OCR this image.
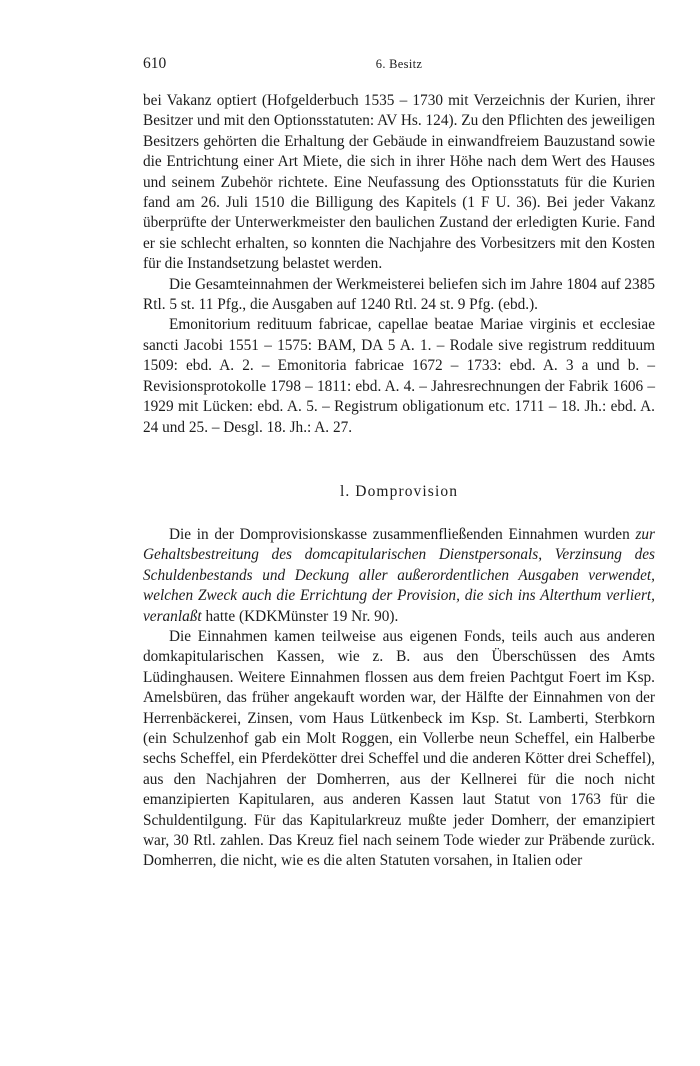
610	6. Besitz

bei Vakanz optiert (Hofgelderbuch 1535 – 1730 mit Verzeichnis der Kurien, ihrer Besitzer und mit den Optionsstatuten: AV Hs. 124). Zu den Pflichten des jeweiligen Besitzers gehörten die Erhaltung der Gebäude in einwandfreiem Bauzustand sowie die Entrichtung einer Art Miete, die sich in ihrer Höhe nach dem Wert des Hauses und seinem Zubehör richtete. Eine Neufassung des Optionsstatuts für die Kurien fand am 26. Juli 1510 die Billigung des Kapitels (1 F U. 36). Bei jeder Vakanz überprüfte der Unterwerkmeister den baulichen Zustand der erledigten Kurie. Fand er sie schlecht erhalten, so konnten die Nachjahre des Vorbesitzers mit den Kosten für die Instandsetzung belastet werden.

Die Gesamteinnahmen der Werkmeisterei beliefen sich im Jahre 1804 auf 2385 Rtl. 5 st. 11 Pfg., die Ausgaben auf 1240 Rtl. 24 st. 9 Pfg. (ebd.).

Emonitorium redituum fabricae, capellae beatae Mariae virginis et ecclesiae sancti Jacobi 1551 – 1575: BAM, DA 5 A. 1. – Rodale sive registrum reddituum 1509: ebd. A. 2. – Emonitoria fabricae 1672 – 1733: ebd. A. 3 a und b. – Revisionsprotokolle 1798 – 1811: ebd. A. 4. – Jahresrechnungen der Fabrik 1606 – 1929 mit Lücken: ebd. A. 5. – Registrum obligationum etc. 1711 – 18. Jh.: ebd. A. 24 und 25. – Desgl. 18. Jh.: A. 27.

l. Domprovision

Die in der Domprovisionskasse zusammenfließenden Einnahmen wurden zur Gehaltsbestreitung des domcapitularischen Dienstpersonals, Verzinsung des Schuldenbestands und Deckung aller außerordentlichen Ausgaben verwendet, welchen Zweck auch die Errichtung der Provision, die sich ins Alterthum verliert, veranlaßt hatte (KDKMünster 19 Nr. 90).

Die Einnahmen kamen teilweise aus eigenen Fonds, teils auch aus anderen domkapitularischen Kassen, wie z. B. aus den Überschüssen des Amts Lüdinghausen. Weitere Einnahmen flossen aus dem freien Pachtgut Foert im Ksp. Amelsbüren, das früher angekauft worden war, der Hälfte der Einnahmen von der Herrenbäckerei, Zinsen, vom Haus Lütkenbeck im Ksp. St. Lamberti, Sterbkorn (ein Schulzenhof gab ein Molt Roggen, ein Vollerbe neun Scheffel, ein Halberbe sechs Scheffel, ein Pferdekötter drei Scheffel und die anderen Kötter drei Scheffel), aus den Nachjahren der Domherren, aus der Kellnerei für die noch nicht emanzipierten Kapitularen, aus anderen Kassen laut Statut von 1763 für die Schuldentilgung. Für das Kapitularkreuz mußte jeder Domherr, der emanzipiert war, 30 Rtl. zahlen. Das Kreuz fiel nach seinem Tode wieder zur Präbende zurück. Domherren, die nicht, wie es die alten Statuten vorsahen, in Italien oder
